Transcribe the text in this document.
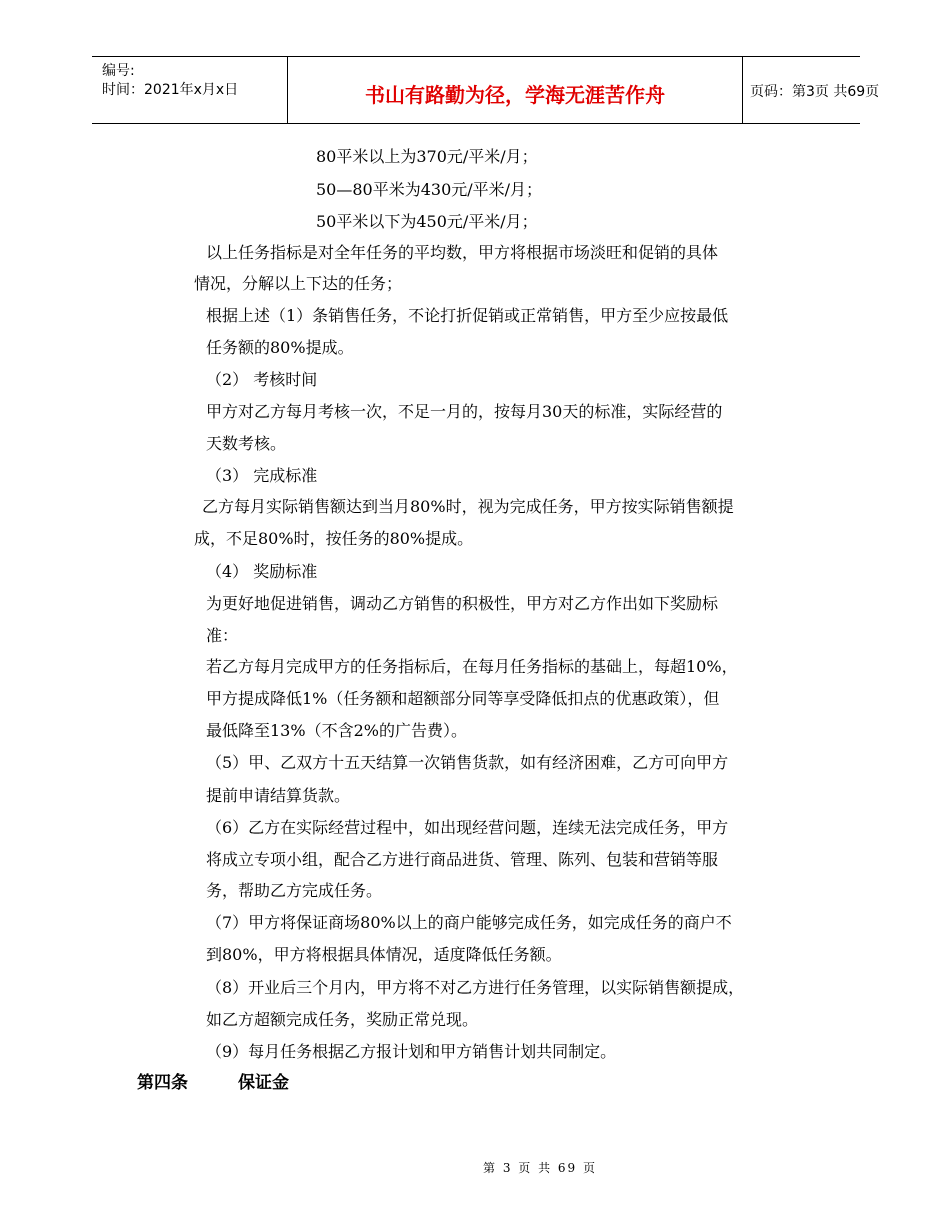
编号:
时间：2021年x月x日	书山有路勤为径，学海无涯苦作舟	页码：第3页 共69页
80平米以上为370元/平米/月；
50—80平米为430元/平米/月；
50平米以下为450元/平米/月；
以上任务指标是对全年任务的平均数，甲方将根据市场淡旺和促销的具体
情况，分解以上下达的任务；
根据上述（1）条销售任务，不论打折促销或正常销售，甲方至少应按最低
任务额的80%提成。
（2） 考核时间
甲方对乙方每月考核一次，不足一月的，按每月30天的标准，实际经营的
天数考核。
（3） 完成标准
乙方每月实际销售额达到当月80%时，视为完成任务，甲方按实际销售额提
成，不足80%时，按任务的80%提成。
（4） 奖励标准
为更好地促进销售，调动乙方销售的积极性，甲方对乙方作出如下奖励标
准：
若乙方每月完成甲方的任务指标后，在每月任务指标的基础上，每超10%，
甲方提成降低1%（任务额和超额部分同等享受降低扣点的优惠政策），但
最低降至13%（不含2%的广告费）。
（5）甲、乙双方十五天结算一次销售货款，如有经济困难，乙方可向甲方
提前申请结算货款。
（6）乙方在实际经营过程中，如出现经营问题，连续无法完成任务，甲方
将成立专项小组，配合乙方进行商品进货、管理、陈列、包装和营销等服
务，帮助乙方完成任务。
（7）甲方将保证商场80%以上的商户能够完成任务，如完成任务的商户不
到80%，甲方将根据具体情况，适度降低任务额。
（8）开业后三个月内，甲方将不对乙方进行任务管理，以实际销售额提成，
如乙方超额完成任务，奖励正常兑现。
（9）每月任务根据乙方报计划和甲方销售计划共同制定。
第四条	保证金
第 3 页 共 69 页
